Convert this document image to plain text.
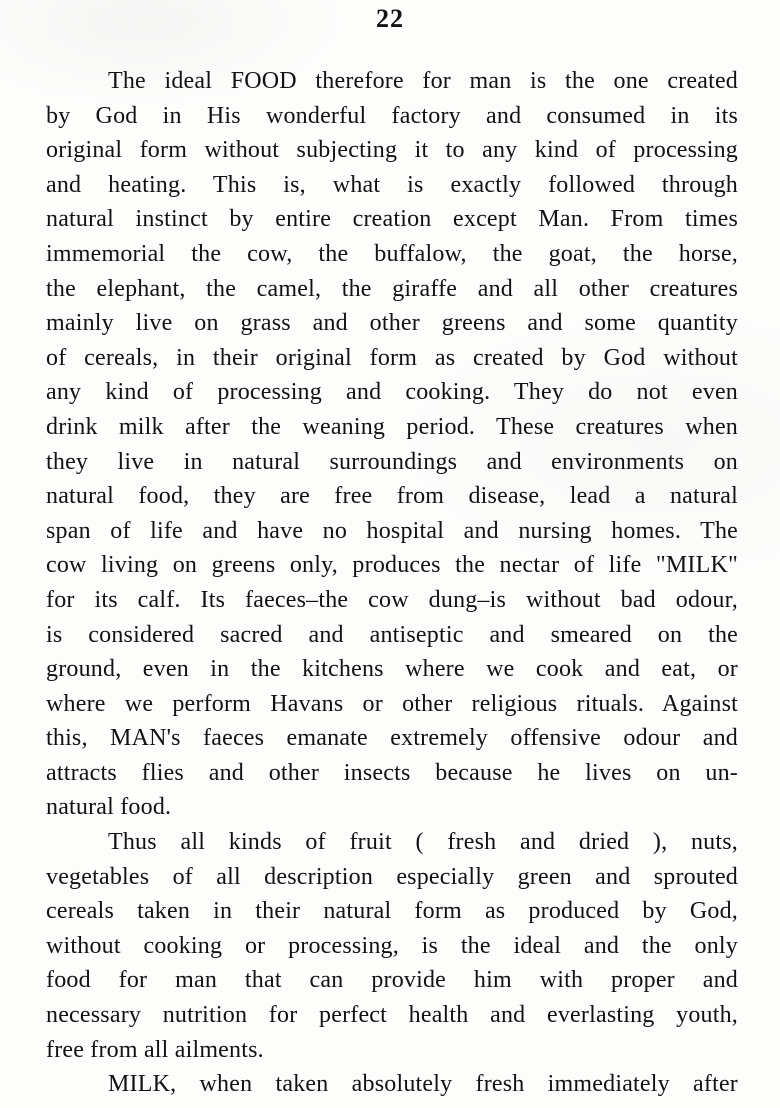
22
The ideal FOOD therefore for man is the one created
by God in His wonderful factory and consumed in its
original form without subjecting it to any kind of processing
and heating. This is, what is exactly followed through
natural instinct by entire creation except Man. From times
immemorial the cow, the buffalow, the goat, the horse,
the elephant, the camel, the giraffe and all other creatures
mainly live on grass and other greens and some quantity
of cereals, in their original form as created by God without
any kind of processing and cooking. They do not even
drink milk after the weaning period. These creatures when
they live in natural surroundings and environments on
natural food, they are free from disease, lead a natural
span of life and have no hospital and nursing homes. The
cow living on greens only, produces the nectar of life "MILK"
for its calf. Its faeces–the cow dung–is without bad odour,
is considered sacred and antiseptic and smeared on the
ground, even in the kitchens where we cook and eat, or
where we perform Havans or other religious rituals. Against
this, MAN's faeces emanate extremely offensive odour and
attracts flies and other insects because he lives on un-
natural food.
Thus all kinds of fruit ( fresh and dried ), nuts,
vegetables of all description especially green and sprouted
cereals taken in their natural form as produced by God,
without cooking or processing, is the ideal and the only
food for man that can provide him with proper and
necessary nutrition for perfect health and everlasting youth,
free from all ailments.
MILK, when taken absolutely fresh immediately after
